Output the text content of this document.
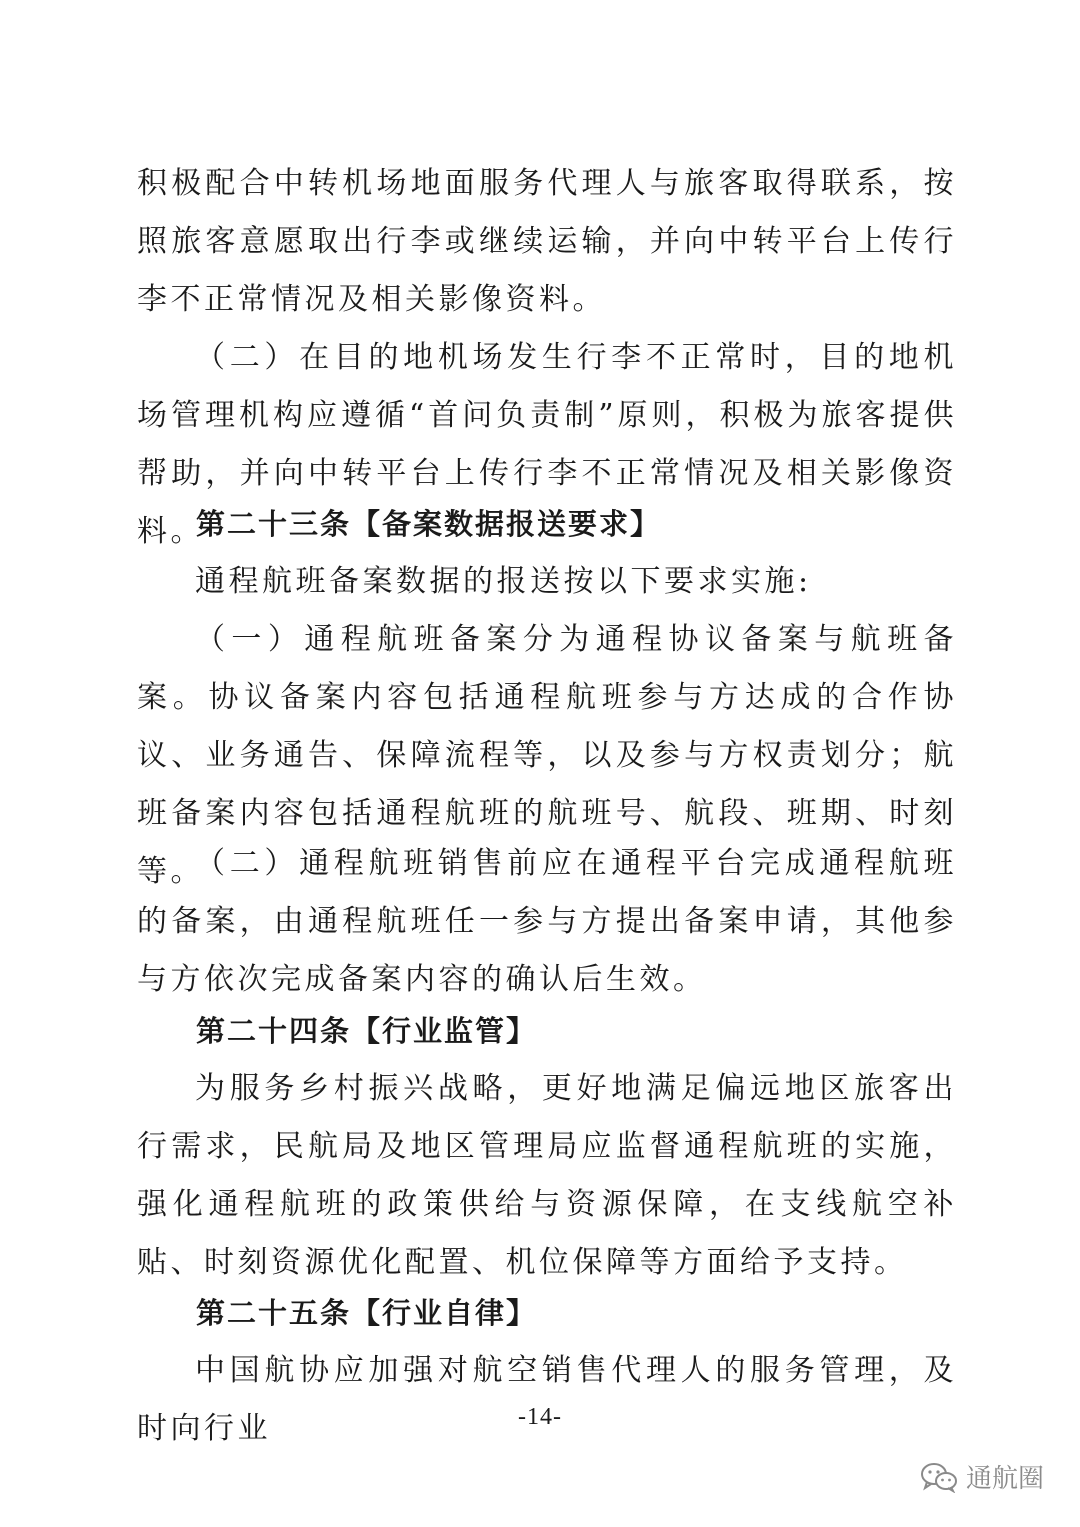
积极配合中转机场地面服务代理人与旅客取得联系，按照旅客意愿取出行李或继续运输，并向中转平台上传行李不正常情况及相关影像资料。

（二）在目的地机场发生行李不正常时，目的地机场管理机构应遵循“首问负责制”原则，积极为旅客提供帮助，并向中转平台上传行李不正常情况及相关影像资料。

第二十三条【备案数据报送要求】

通程航班备案数据的报送按以下要求实施:

（一）通程航班备案分为通程协议备案与航班备案。协议备案内容包括通程航班参与方达成的合作协议、业务通告、保障流程等，以及参与方权责划分；航班备案内容包括通程航班的航班号、航段、班期、时刻等。

（二）通程航班销售前应在通程平台完成通程航班的备案，由通程航班任一参与方提出备案申请，其他参与方依次完成备案内容的确认后生效。

第二十四条【行业监管】

为服务乡村振兴战略，更好地满足偏远地区旅客出行需求，民航局及地区管理局应监督通程航班的实施，强化通程航班的政策供给与资源保障，在支线航空补贴、时刻资源优化配置、机位保障等方面给予支持。

第二十五条【行业自律】

中国航协应加强对航空销售代理人的服务管理，及时向行业	-14-
通航圈
